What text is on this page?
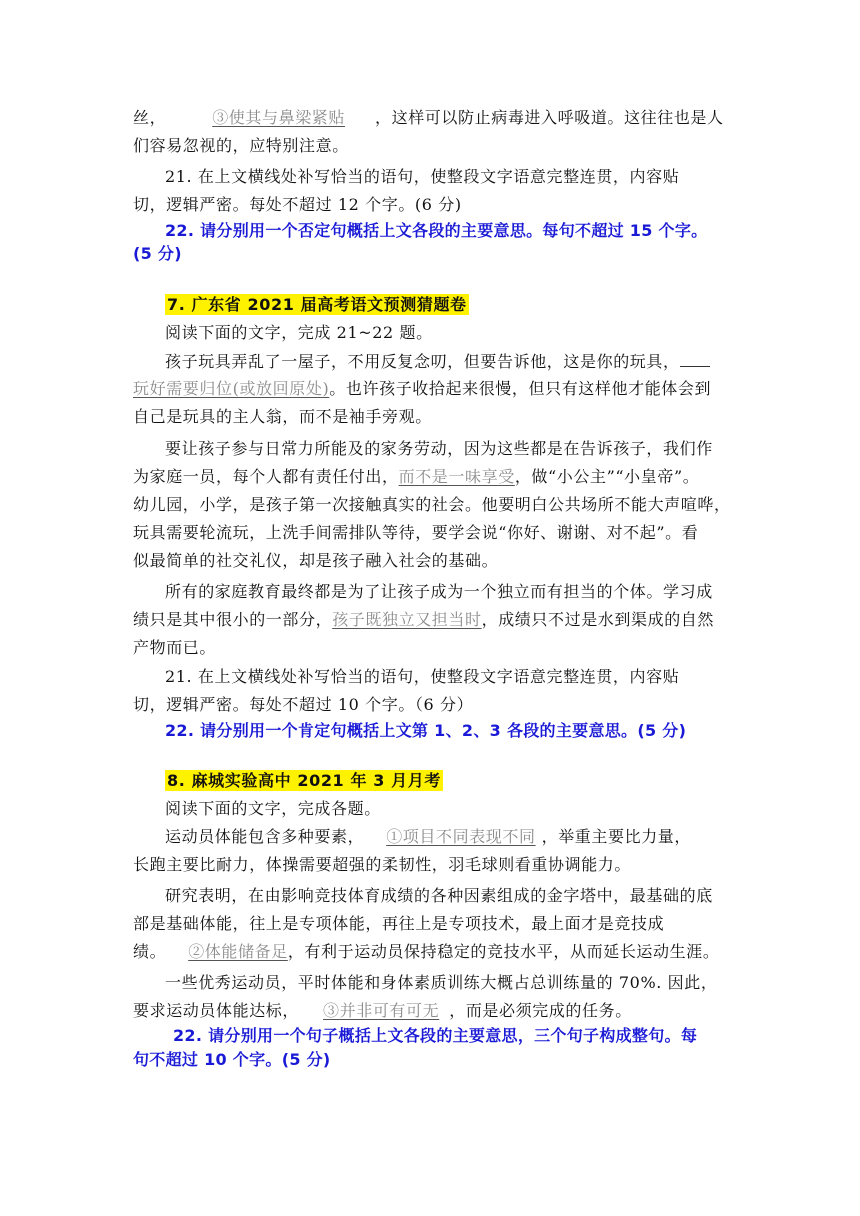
丝，	③使其与鼻梁紧贴 ，这样可以防止病毒进入呼吸道。这往往也是人
们容易忽视的，应特别注意。
21. 在上文横线处补写恰当的语句，使整段文字语意完整连贯，内容贴
切，逻辑严密。每处不超过 12 个字。(6 分)
22. 请分别用一个否定句概括上文各段的主要意思。每句不超过 15 个字。
(5 分)
7. 广东省 2021 届高考语文预测猜题卷
阅读下面的文字，完成 21~22 题。
孩子玩具弄乱了一屋子，不用反复念叨，但要告诉他，这是你的玩具，
玩好需要归位(或放回原处)。也许孩子收拾起来很慢，但只有这样他才能体会到
自己是玩具的主人翁，而不是袖手旁观。
要让孩子参与日常力所能及的家务劳动，因为这些都是在告诉孩子，我们作
为家庭一员，每个人都有责任付出，而不是一味享受，做“小公主”“小皇帝”。
幼儿园，小学，是孩子第一次接触真实的社会。他要明白公共场所不能大声喧哗，
玩具需要轮流玩，上洗手间需排队等待，要学会说“你好、谢谢、对不起”。看
似最简单的社交礼仪，却是孩子融入社会的基础。
所有的家庭教育最终都是为了让孩子成为一个独立而有担当的个体。学习成
绩只是其中很小的一部分，孩子既独立又担当时，成绩只不过是水到渠成的自然
产物而已。
21. 在上文横线处补写恰当的语句，使整段文字语意完整连贯，内容贴
切，逻辑严密。每处不超过 10 个字。（6 分）
22. 请分别用一个肯定句概括上文第 1、2、3 各段的主要意思。(5 分)
8. 麻城实验高中 2021 年 3 月月考
阅读下面的文字，完成各题。
运动员体能包含多种要素， ①项目不同表现不同 ，举重主要比力量，
长跑主要比耐力，体操需要超强的柔韧性，羽毛球则看重协调能力。
研究表明，在由影响竞技体育成绩的各种因素组成的金字塔中，最基础的底
部是基础体能，往上是专项体能，再往上是专项技术，最上面才是竞技成
绩。 ②体能储备足，有利于运动员保持稳定的竞技水平，从而延长运动生涯。
一些优秀运动员，平时体能和身体素质训练大概占总训练量的 70%. 因此，
要求运动员体能达标， ③并非可有可无 ，而是必须完成的任务。
22. 请分别用一个句子概括上文各段的主要意思，三个句子构成整句。每
句不超过 10 个字。(5 分)
